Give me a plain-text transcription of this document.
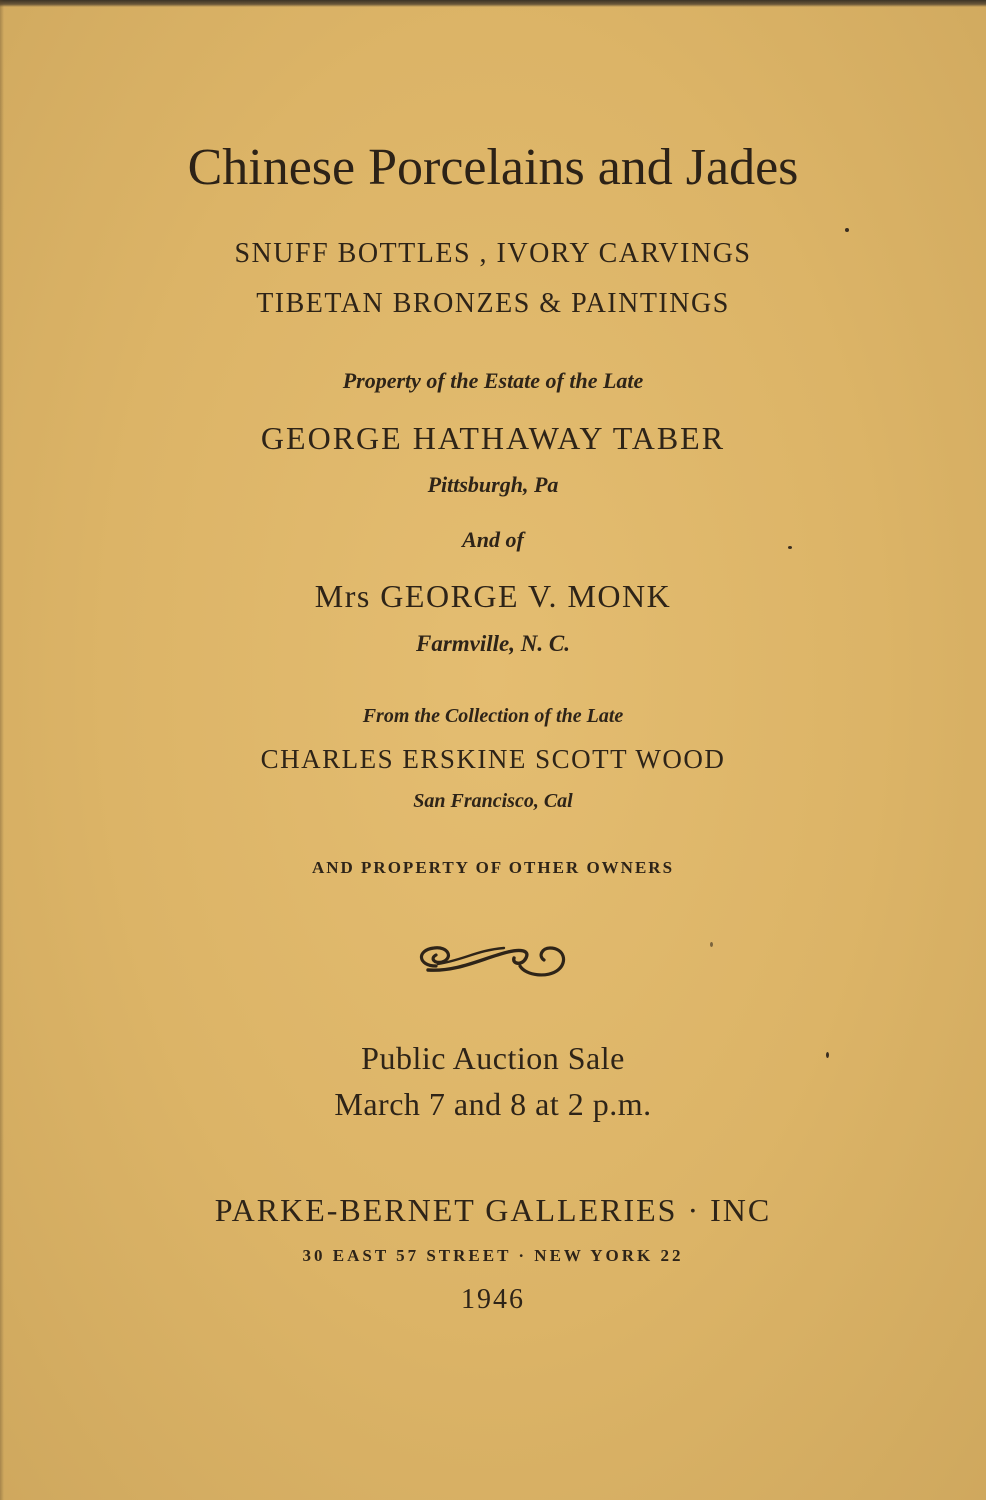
Chinese Porcelains and Jades
SNUFF BOTTLES , IVORY CARVINGS
TIBETAN BRONZES & PAINTINGS
Property of the Estate of the Late
GEORGE HATHAWAY TABER
Pittsburgh, Pa
And of
Mrs GEORGE V. MONK
Farmville, N. C.
From the Collection of the Late
CHARLES ERSKINE SCOTT WOOD
San Francisco, Cal
AND PROPERTY OF OTHER OWNERS
Public Auction Sale
March 7 and 8 at 2 p.m.
PARKE-BERNET GALLERIES · INC
30 EAST 57 STREET · NEW YORK 22
1946
